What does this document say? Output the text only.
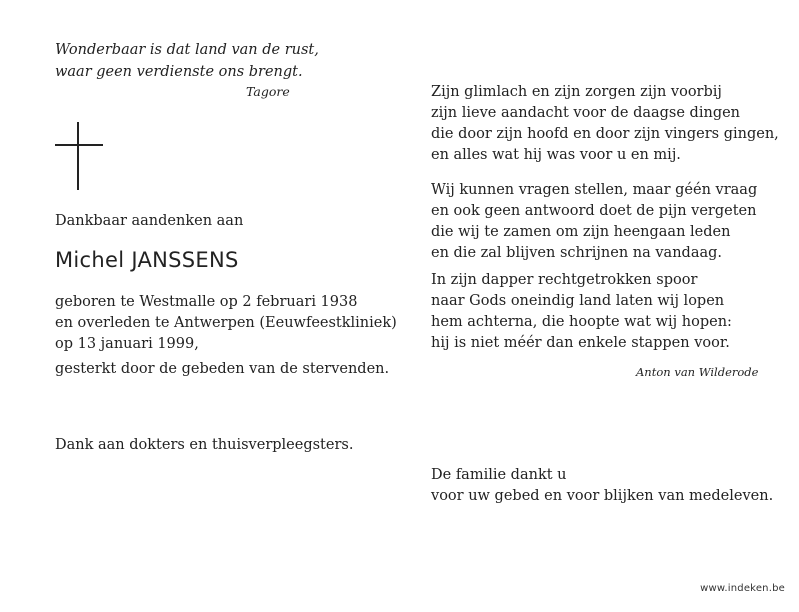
Wonderbaar is dat land van de rust,
waar geen verdienste ons brengt.
Tagore
Dankbaar aandenken aan
Michel JANSSENS
geboren te Westmalle op 2 februari 1938
en overleden te Antwerpen (Eeuwfeestkliniek)
op 13 januari 1999,
gesterkt door de gebeden van de stervenden.
Dank aan dokters en thuisverpleegsters.
Zijn glimlach en zijn zorgen zijn voorbij
zijn lieve aandacht voor de daagse dingen
die door zijn hoofd en door zijn vingers gingen,
en alles wat hij was voor u en mij.
Wij kunnen vragen stellen, maar géén vraag
en ook geen antwoord doet de pijn vergeten
die wij te zamen om zijn heengaan leden
en die zal blijven schrijnen na vandaag.
In zijn dapper rechtgetrokken spoor
naar Gods oneindig land laten wij lopen
hem achterna, die hoopte wat wij hopen:
hij is niet méér dan enkele stappen voor.
Anton van Wilderode
De familie dankt u
voor uw gebed en voor blijken van medeleven.
www.indeken.be
